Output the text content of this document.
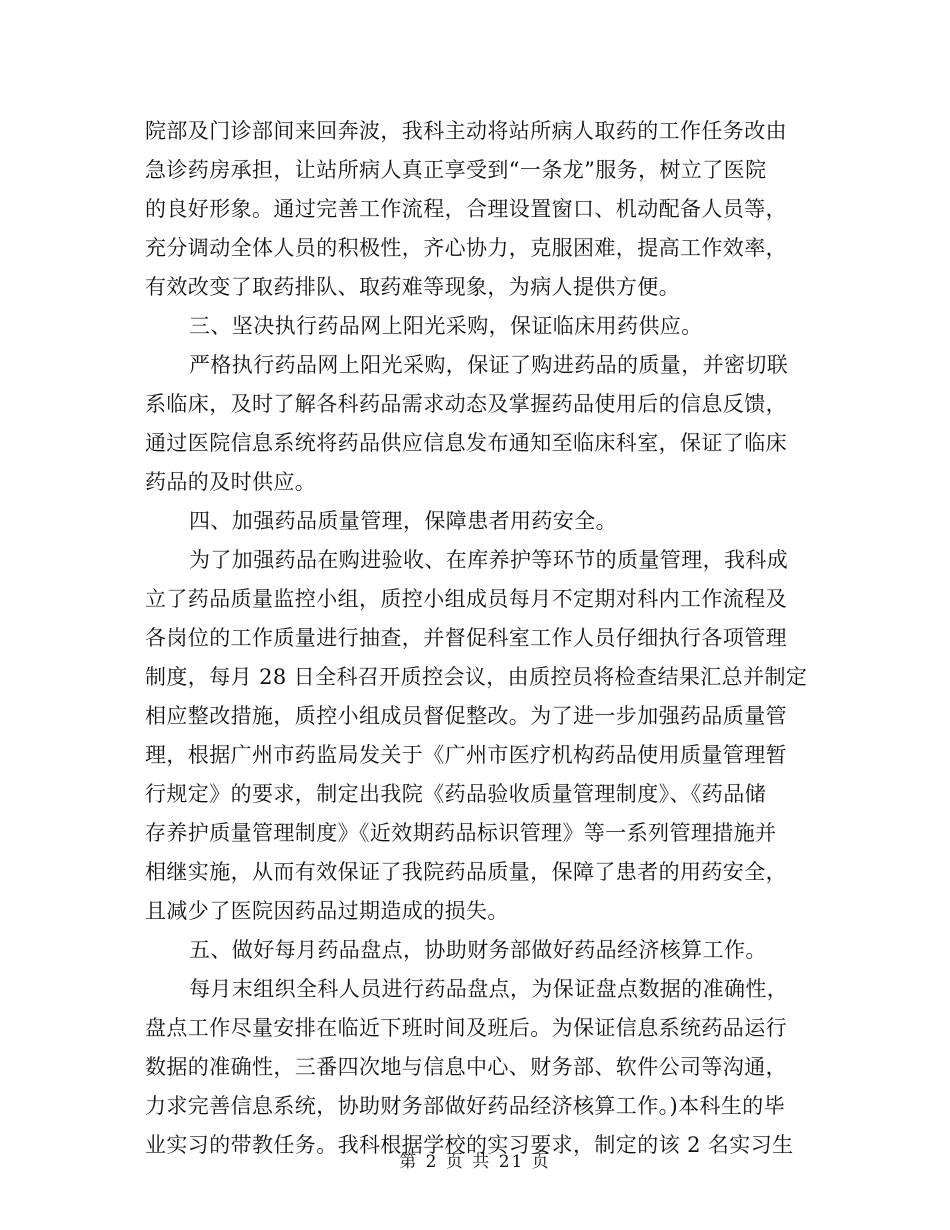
院部及门诊部间来回奔波，我科主动将站所病人取药的工作任务改由
急诊药房承担，让站所病人真正享受到“一条龙”服务，树立了医院
的良好形象。通过完善工作流程，合理设置窗口、机动配备人员等，
充分调动全体人员的积极性，齐心协力，克服困难，提高工作效率，
有效改变了取药排队、取药难等现象，为病人提供方便。
三、坚决执行药品网上阳光采购，保证临床用药供应。
严格执行药品网上阳光采购，保证了购进药品的质量，并密切联
系临床，及时了解各科药品需求动态及掌握药品使用后的信息反馈，
通过医院信息系统将药品供应信息发布通知至临床科室，保证了临床
药品的及时供应。
四、加强药品质量管理，保障患者用药安全。
为了加强药品在购进验收、在库养护等环节的质量管理，我科成
立了药品质量监控小组，质控小组成员每月不定期对科内工作流程及
各岗位的工作质量进行抽查，并督促科室工作人员仔细执行各项管理
制度，每月 28 日全科召开质控会议，由质控员将检查结果汇总并制定
相应整改措施，质控小组成员督促整改。为了进一步加强药品质量管
理，根据广州市药监局发关于《广州市医疗机构药品使用质量管理暂
行规定》的要求，制定出我院《药品验收质量管理制度》、《药品储
存养护质量管理制度》《近效期药品标识管理》等一系列管理措施并
相继实施，从而有效保证了我院药品质量，保障了患者的用药安全，
且减少了医院因药品过期造成的损失。
五、做好每月药品盘点，协助财务部做好药品经济核算工作。
每月末组织全科人员进行药品盘点，为保证盘点数据的准确性，
盘点工作尽量安排在临近下班时间及班后。为保证信息系统药品运行
数据的准确性，三番四次地与信息中心、财务部、软件公司等沟通，
力求完善信息系统，协助财务部做好药品经济核算工作。)本科生的毕
业实习的带教任务。我科根据学校的实习要求，制定的该 2 名实习生
第 2 页 共 21 页
